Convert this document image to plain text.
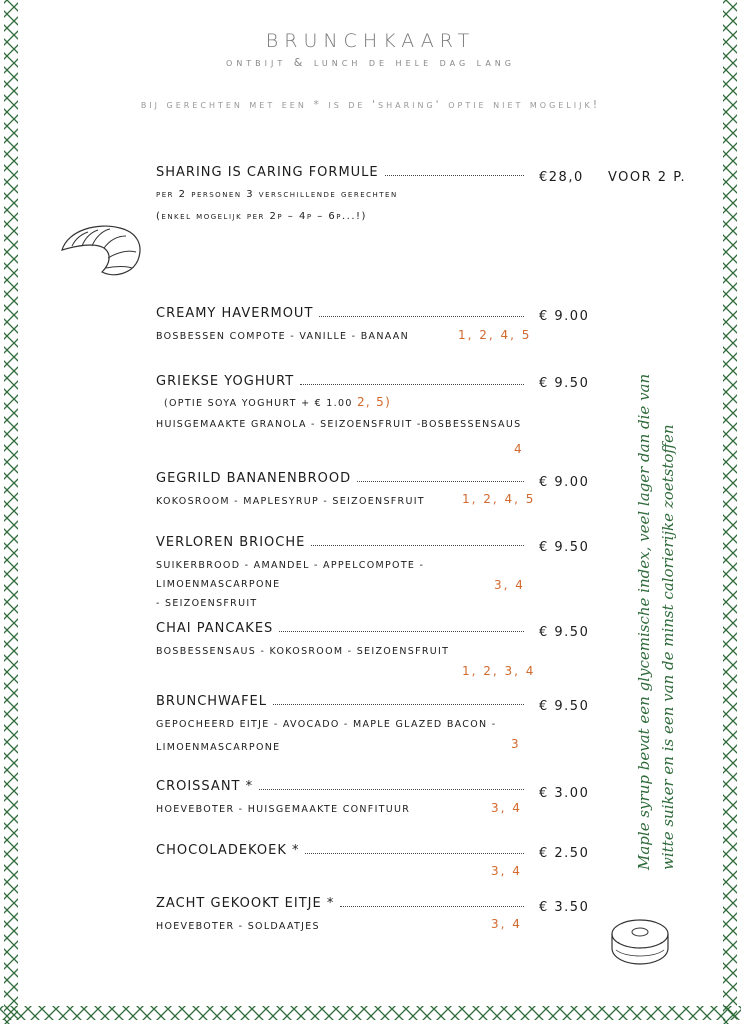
BRUNCHKAART
ontbijt & lunch de hele dag lang
bij gerechten met een * is de 'sharing' optie niet mogelijk!
SHARING IS CARING FORMULE
per 2 personen 3 verschillende gerechten
(enkel mogelijk per 2p – 4p – 6p...!)
€28,0 VOOR 2 P.
CREAMY HAVERMOUT
BOSBESSEN COMPOTE - VANILLE - BANAAN
€ 9.00
1, 2, 4, 5
GRIEKSE YOGHURT
(OPTIE SOYA YOGHURT + € 1.00 2, 5)
HUISGEMAAKTE GRANOLA - SEIZOENSFRUIT -BOSBESSENSAUS
€ 9.50
4
GEGRILD BANANENBROOD
KOKOSROOM - MAPLESYRUP - SEIZOENSFRUIT
€ 9.00
1, 2, 4, 5
VERLOREN BRIOCHE
SUIKERBROOD - AMANDEL - APPELCOMPOTE - LIMOENMASCARPONE
- SEIZOENSFRUIT
€ 9.50
3, 4
CHAI PANCAKES
BOSBESSENSAUS - KOKOSROOM - SEIZOENSFRUIT
€ 9.50
1, 2, 3, 4
BRUNCHWAFEL
GEPOCHEERD EITJE - AVOCADO - MAPLE GLAZED BACON -
LIMOENMASCARPONE
€ 9.50
3
CROISSANT *
HOEVEBOTER - HUISGEMAAKTE CONFITUUR
€ 3.00
3, 4
CHOCOLADEKOEK *	€ 2.50
3, 4
ZACHT GEKOOKT EITJE *
HOEVEBOTER - SOLDAATJES
€ 3.50
3, 4
Maple syrup bevat een glycemische index, veel lager dan die van witte suiker en is een van de minst calorierijke zoetstoffen
